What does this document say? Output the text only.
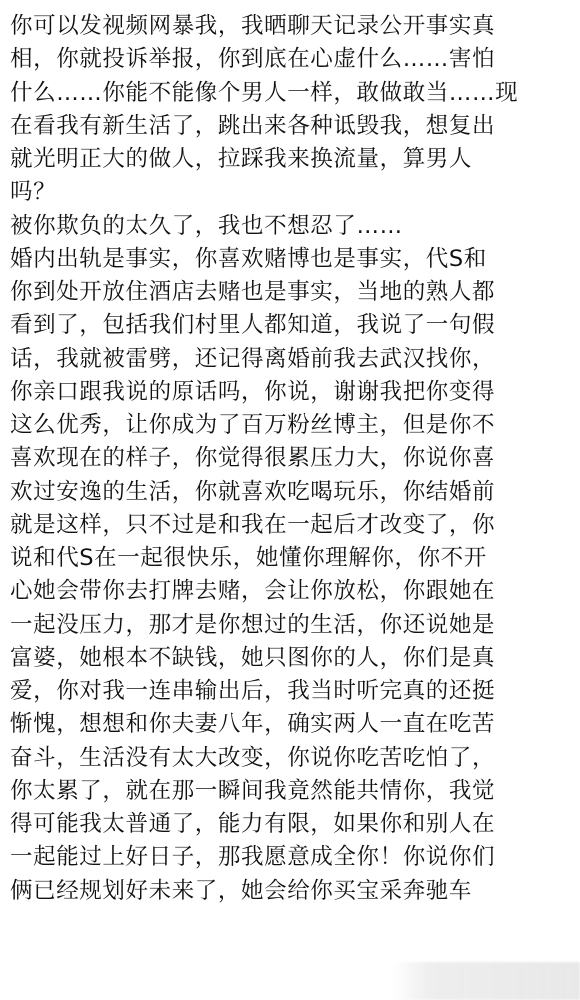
你可以发视频网暴我，我晒聊天记录公开事实真
相，你就投诉举报，你到底在心虚什么……害怕
什么……你能不能像个男人一样，敢做敢当……现
在看我有新生活了，跳出来各种诋毁我，想复出
就光明正大的做人，拉踩我来换流量，算男人
吗？
被你欺负的太久了，我也不想忍了……
婚内出轨是事实，你喜欢赌博也是事实，代S和
你到处开放住酒店去赌也是事实，当地的熟人都
看到了，包括我们村里人都知道，我说了一句假
话，我就被雷劈，还记得离婚前我去武汉找你，
你亲口跟我说的原话吗，你说，谢谢我把你变得
这么优秀，让你成为了百万粉丝博主，但是你不
喜欢现在的样子，你觉得很累压力大，你说你喜
欢过安逸的生活，你就喜欢吃喝玩乐，你结婚前
就是这样，只不过是和我在一起后才改变了，你
说和代S在一起很快乐，她懂你理解你，你不开
心她会带你去打牌去赌，会让你放松，你跟她在
一起没压力，那才是你想过的生活，你还说她是
富婆，她根本不缺钱，她只图你的人，你们是真
爱，你对我一连串输出后，我当时听完真的还挺
惭愧，想想和你夫妻八年，确实两人一直在吃苦
奋斗，生活没有太大改变，你说你吃苦吃怕了，
你太累了，就在那一瞬间我竟然能共情你，我觉
得可能我太普通了，能力有限，如果你和别人在
一起能过上好日子，那我愿意成全你！你说你们
俩已经规划好未来了，她会给你买宝采奔驰车
